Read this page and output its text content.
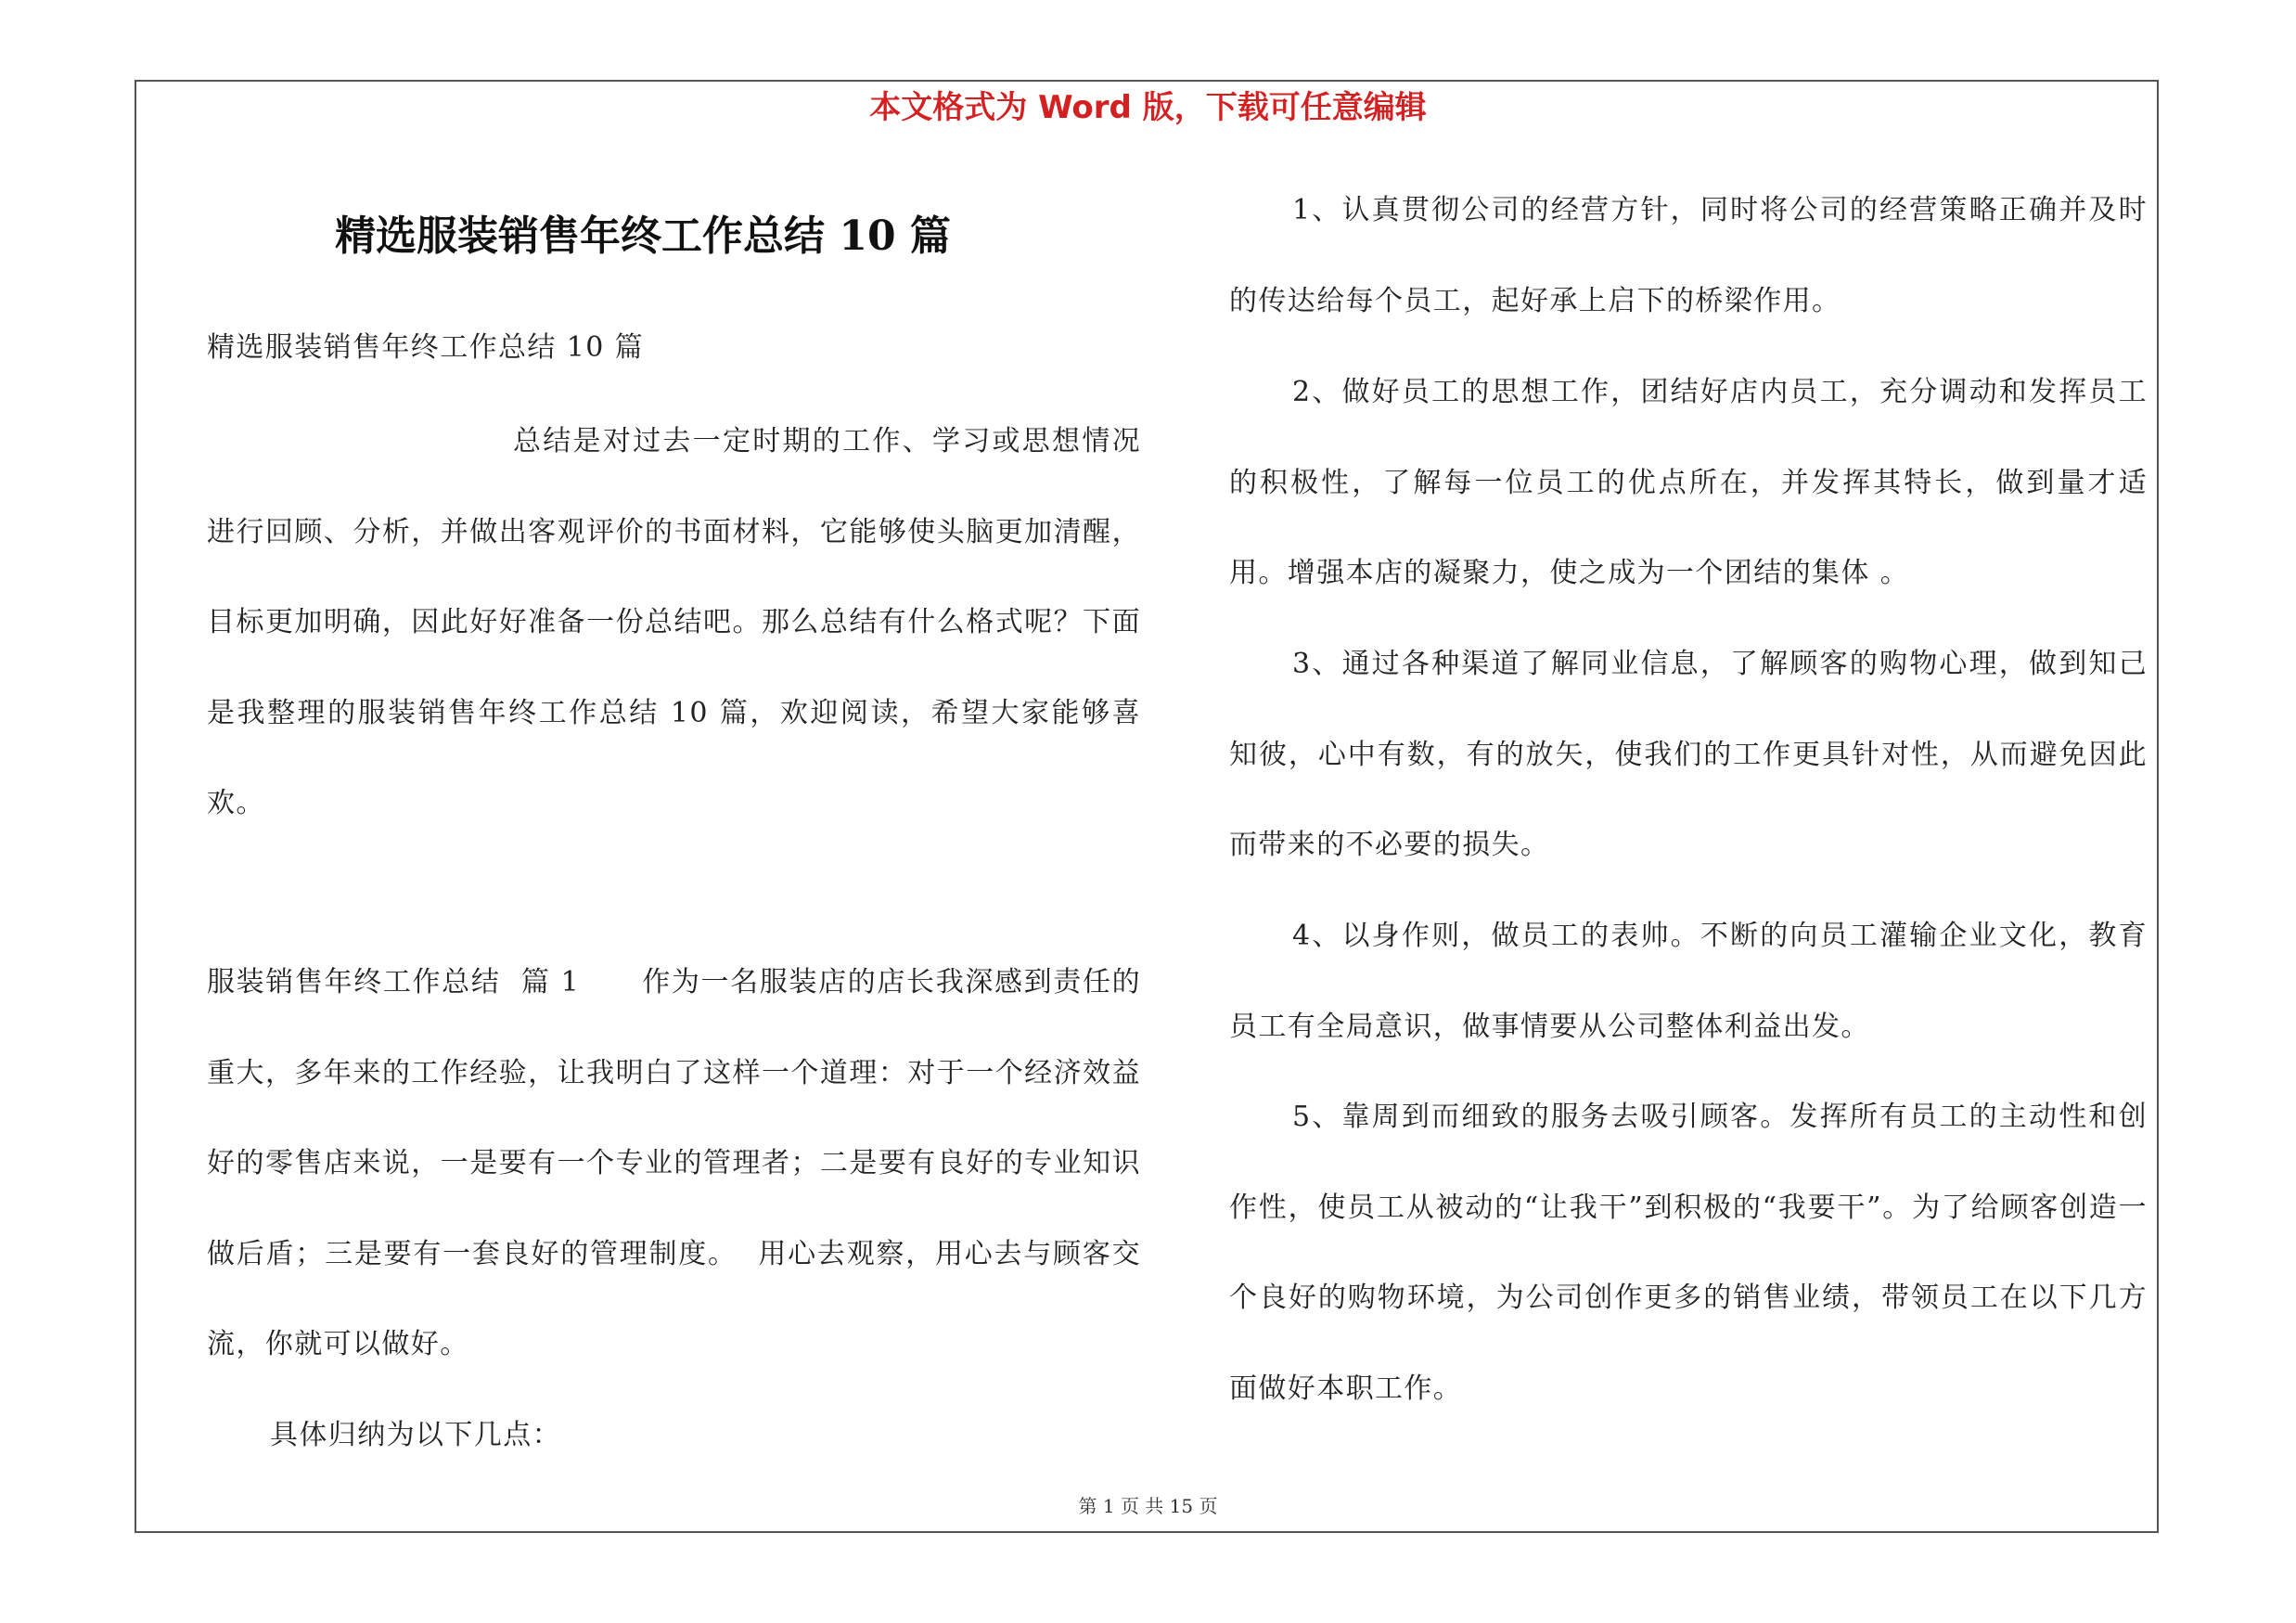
本文格式为 Word 版，下载可任意编辑
精选服装销售年终工作总结 10 篇

精选服装销售年终工作总结 10 篇

总结是对过去一定时期的工作、学习或思想情况进行回顾、分析，并做出客观评价的书面材料，它能够使头脑更加清醒，目标更加明确，因此好好准备一份总结吧。那么总结有什么格式呢？下面是我整理的服装销售年终工作总结 10 篇，欢迎阅读，希望大家能够喜欢。

服装销售年终工作总结  篇 1      作为一名服装店的店长我深感到责任的重大，多年来的工作经验，让我明白了这样一个道理：对于一个经济效益好的零售店来说，一是要有一个专业的管理者；二是要有良好的专业知识做后盾；三是要有一套良好的管理制度。  用心去观察，用心去与顾客交流，你就可以做好。

具体归纳为以下几点：

1、认真贯彻公司的经营方针，同时将公司的经营策略正确并及时的传达给每个员工，起好承上启下的桥梁作用。

2、做好员工的思想工作，团结好店内员工，充分调动和发挥员工的积极性，了解每一位员工的优点所在，并发挥其特长，做到量才适用。增强本店的凝聚力，使之成为一个团结的集体 。

3、通过各种渠道了解同业信息，了解顾客的购物心理，做到知己知彼，心中有数，有的放矢，使我们的工作更具针对性，从而避免因此而带来的不必要的损失。

4、以身作则，做员工的表帅。不断的向员工灌输企业文化，教育员工有全局意识，做事情要从公司整体利益出发。

5、靠周到而细致的服务去吸引顾客。发挥所有员工的主动性和创作性，使员工从被动的“让我干”到积极的“我要干”。为了给顾客创造一个良好的购物环境，为公司创作更多的销售业绩，带领员工在以下几方面做好本职工作。

第 1 页 共 15 页
